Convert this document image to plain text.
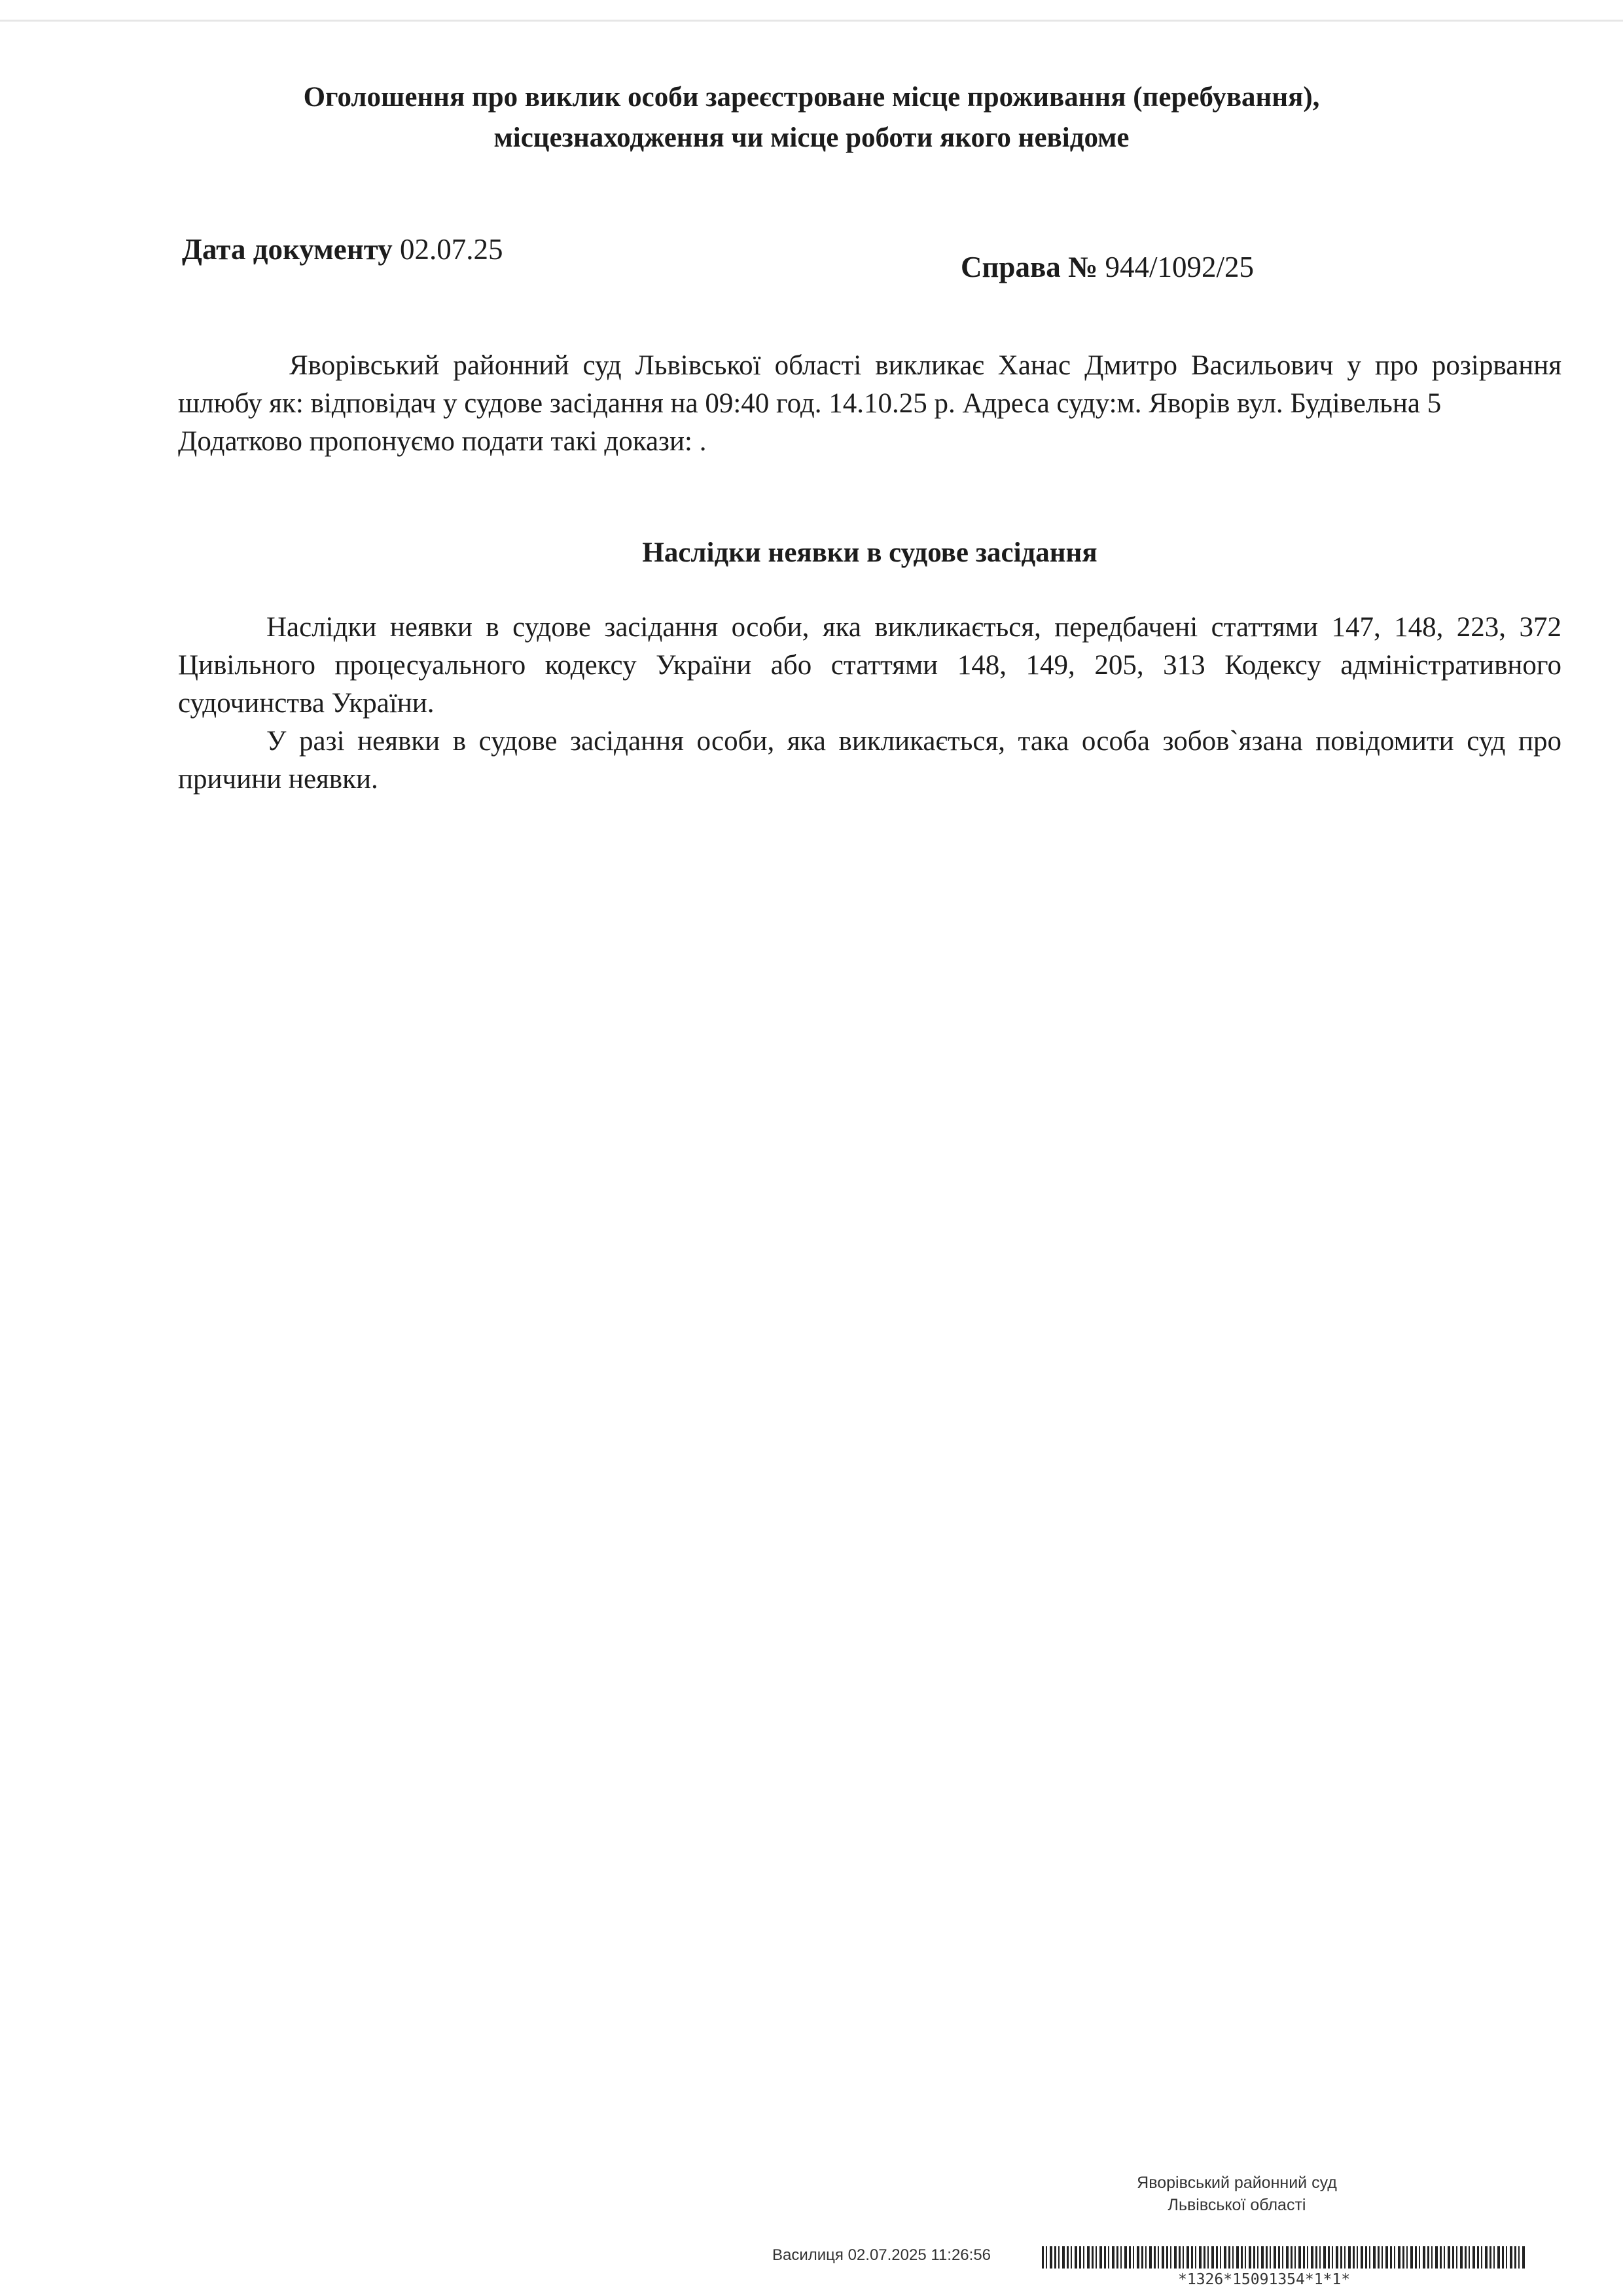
Оголошення про виклик особи зареєстроване місце проживання (перебування),
місцезнаходження чи місце роботи якого невідоме
Дата документу 02.07.25
Справа № 944/1092/25

Яворівський районний суд Львівської області викликає Ханас Дмитро Васильович у про розірвання шлюбу як: відповідач у судове засідання на 09:40 год. 14.10.25 р. Адреса суду:м. Яворів вул. Будівельна 5

Додатково пропонуємо подати такі докази: .

Наслідки неявки в судове засідання

Наслідки неявки в судове засідання особи, яка викликається, передбачені статтями 147, 148, 223, 372 Цивільного процесуального кодексу України або статтями 148, 149, 205, 313 Кодексу адміністративного судочинства України.

У разі неявки в судове засідання особи, яка викликається, така особа зобов`язана повідомити суд про причини неявки.

Яворівський районний суд
Львівської області
Василиця 02.07.2025 11:26:56
*1326*15091354*1*1*
